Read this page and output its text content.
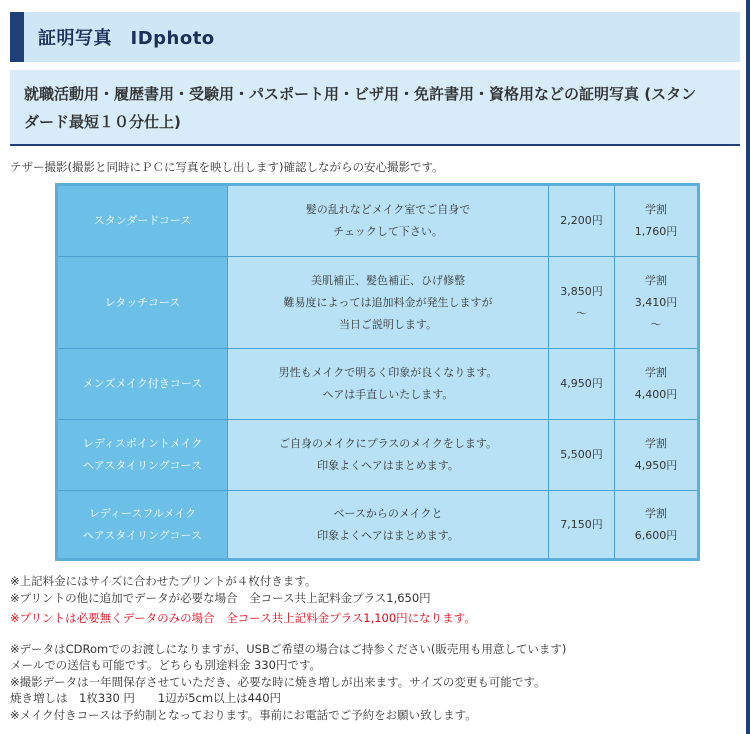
証明写真　IDphoto

就職活動用・履歴書用・受験用・パスポート用・ビザ用・免許書用・資格用などの証明写真 (スタン

ダード最短１０分仕上)

テザー撮影(撮影と同時にＰＣに写真を映し出します)確認しながらの安心撮影です。
スタンダードコース	髪の乱れなどメイク室でご自身で
チェックして下さい。	2,200円	学割
1,760円

レタッチコース	美肌補正、髪色補正、ひげ修整
難易度によっては追加料金が発生しますが
当日ご説明します。	3,850円
〜	学割
3,410円
〜

メンズメイク付きコース	男性もメイクで明るく印象が良くなります。
ヘアは手直しいたします。	4,950円	学割
4,400円

レディスポイントメイク
ヘアスタイリングコース	ご自身のメイクにプラスのメイクをします。
印象よくヘアはまとめます。	5,500円	学割
4,950円

レディースフルメイク
ヘアスタイリングコース	ベースからのメイクと
印象よくヘアはまとめます。	7,150円	学割
6,600円
※上記料金にはサイズに合わせたプリントが４枚付きます。
※プリントの他に追加でデータが必要な場合　全コース共上記料金プラス1,650円
※プリントは必要無くデータのみの場合　全コース共上記料金プラス1,100円になります。
※データはCDRomでのお渡しになりますが、USBご希望の場合はご持参ください(販売用も用意しています)
メールでの送信も可能です。どちらも別途料金 330円です。
※撮影データは一年間保存させていただき、必要な時に焼き増しが出来ます。サイズの変更も可能です。
焼き増しは　1枚330 円　　1辺が5cm以上は440円
※メイク付きコースは予約制となっております。事前にお電話でご予約をお願い致します。
